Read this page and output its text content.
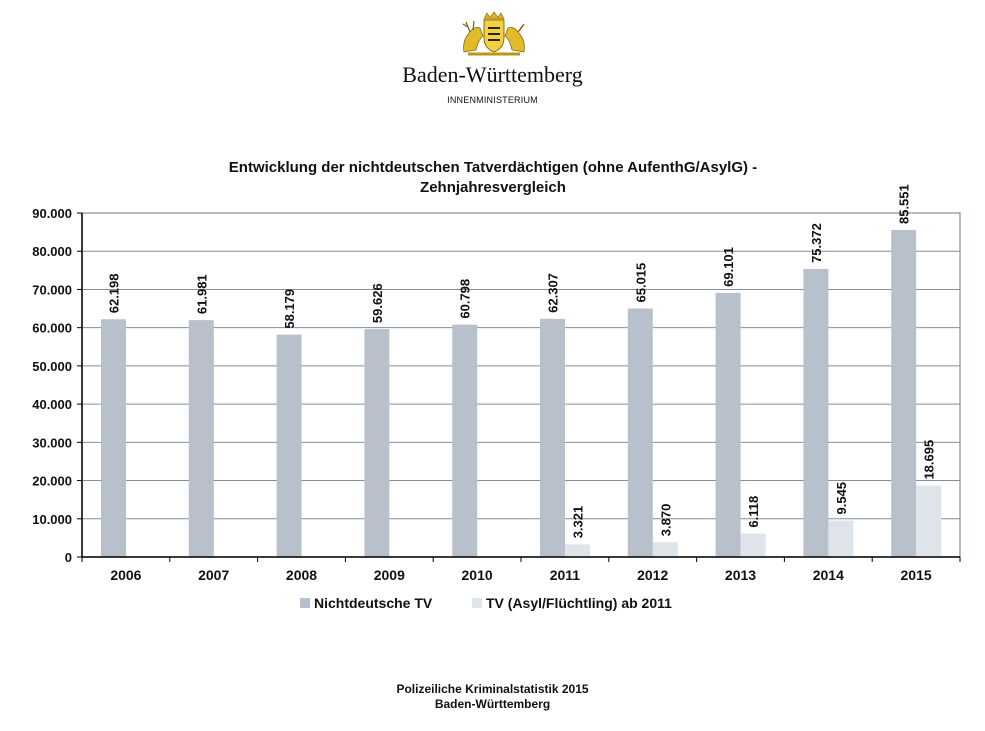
Baden-Württemberg
INNENMINISTERIUM
Entwicklung der nichtdeutschen Tatverdächtigen (ohne AufenthG/AsylG) -
Zehnjahresvergleich
62.198	61.981	58.179	59.626	60.798	62.307
3.321
65.015
3.870
69.101
6.118
75.372
9.545
85.551
18.695
0
10.000
20.000
30.000
40.000
50.000
60.000
70.000
80.000
90.000
2006	2007	2008	2009	2010	2011	2012	2013	2014	2015
Nichtdeutsche TV	TV (Asyl/Flüchtling) ab 2011
Polizeiliche Kriminalstatistik 2015
Baden-Württemberg
